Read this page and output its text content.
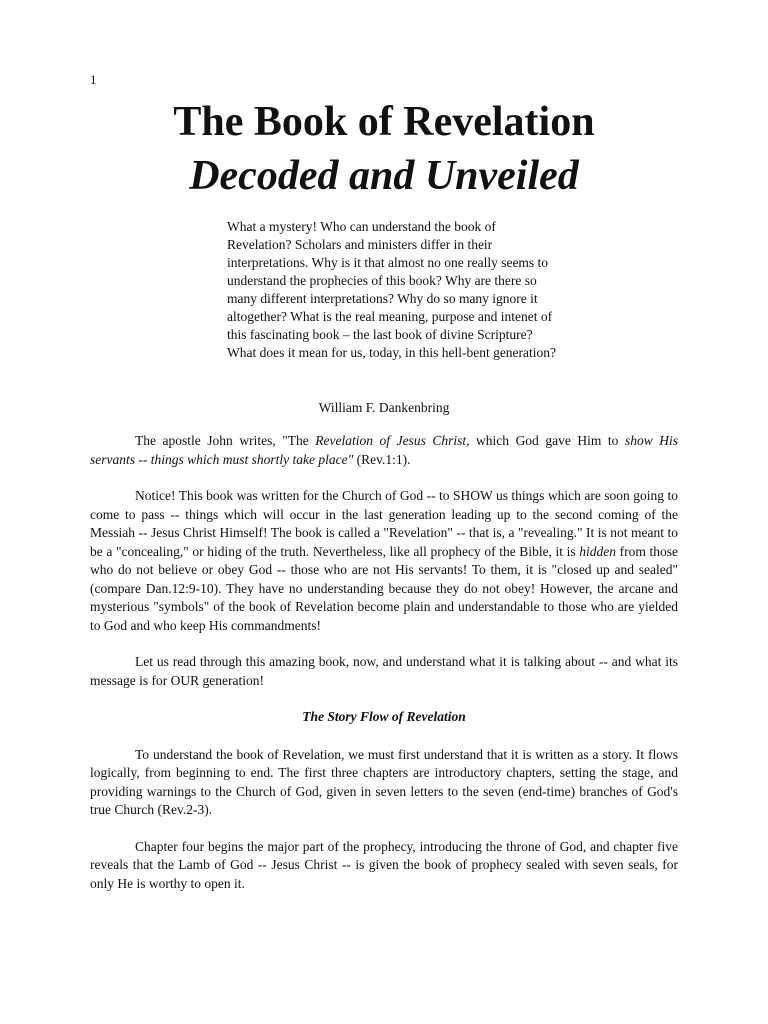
1
The Book of Revelation
Decoded and Unveiled

What a mystery! Who can understand the book of Revelation? Scholars and ministers differ in their interpretations. Why is it that almost no one really seems to understand the prophecies of this book? Why are there so many different interpretations? Why do so many ignore it altogether? What is the real meaning, purpose and intenet of this fascinating book – the last book of divine Scripture? What does it mean for us, today, in this hell-bent generation?

William F. Dankenbring

The apostle John writes, "The Revelation of Jesus Christ, which God gave Him to show His servants -- things which must shortly take place" (Rev.1:1).

Notice! This book was written for the Church of God -- to SHOW us things which are soon going to come to pass -- things which will occur in the last generation leading up to the second coming of the Messiah -- Jesus Christ Himself! The book is called a "Revelation" -- that is, a "revealing." It is not meant to be a "concealing," or hiding of the truth. Nevertheless, like all prophecy of the Bible, it is hidden from those who do not believe or obey God -- those who are not His servants! To them, it is "closed up and sealed" (compare Dan.12:9-10). They have no understanding because they do not obey! However, the arcane and mysterious "symbols" of the book of Revelation become plain and understandable to those who are yielded to God and who keep His commandments!

Let us read through this amazing book, now, and understand what it is talking about -- and what its message is for OUR generation!

The Story Flow of Revelation

To understand the book of Revelation, we must first understand that it is written as a story. It flows logically, from beginning to end. The first three chapters are introductory chapters, setting the stage, and providing warnings to the Church of God, given in seven letters to the seven (end-time) branches of God's true Church (Rev.2-3).

Chapter four begins the major part of the prophecy, introducing the throne of God, and chapter five reveals that the Lamb of God -- Jesus Christ -- is given the book of prophecy sealed with seven seals, for only He is worthy to open it.
